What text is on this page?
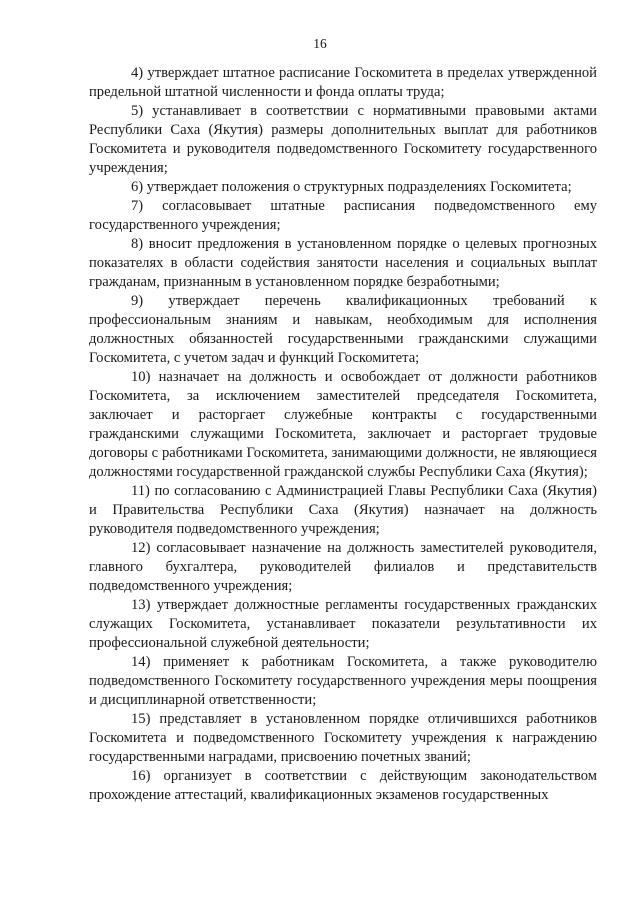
16

4) утверждает штатное расписание Госкомитета в пределах утвержденной предельной штатной численности и фонда оплаты труда;

5) устанавливает в соответствии с нормативными правовыми актами Республики Саха (Якутия) размеры дополнительных выплат для работников Госкомитета и руководителя подведомственного Госкомитету государственного учреждения;

6) утверждает положения о структурных подразделениях Госкомитета;

7) согласовывает штатные расписания подведомственного ему государственного учреждения;

8) вносит предложения в установленном порядке о целевых прогнозных показателях в области содействия занятости населения и социальных выплат гражданам, признанным в установленном порядке безработными;

9) утверждает перечень квалификационных требований к профессиональным знаниям и навыкам, необходимым для исполнения должностных обязанностей государственными гражданскими служащими Госкомитета, с учетом задач и функций Госкомитета;

10) назначает на должность и освобождает от должности работников Госкомитета, за исключением заместителей председателя Госкомитета, заключает и расторгает служебные контракты с государственными гражданскими служащими Госкомитета, заключает и расторгает трудовые договоры с работниками Госкомитета, занимающими должности, не являющиеся должностями государственной гражданской службы Республики Саха (Якутия);

11) по согласованию с Администрацией Главы Республики Саха (Якутия) и Правительства Республики Саха (Якутия) назначает на должность руководителя подведомственного учреждения;

12) согласовывает назначение на должность заместителей руководителя, главного бухгалтера, руководителей филиалов и представительств подведомственного учреждения;

13) утверждает должностные регламенты государственных гражданских служащих Госкомитета, устанавливает показатели результативности их профессиональной служебной деятельности;

14) применяет к работникам Госкомитета, а также руководителю подведомственного Госкомитету государственного учреждения меры поощрения и дисциплинарной ответственности;

15) представляет в установленном порядке отличившихся работников Госкомитета и подведомственного Госкомитету учреждения к награждению государственными наградами, присвоению почетных званий;

16) организует в соответствии с действующим законодательством прохождение аттестаций, квалификационных экзаменов государственных
